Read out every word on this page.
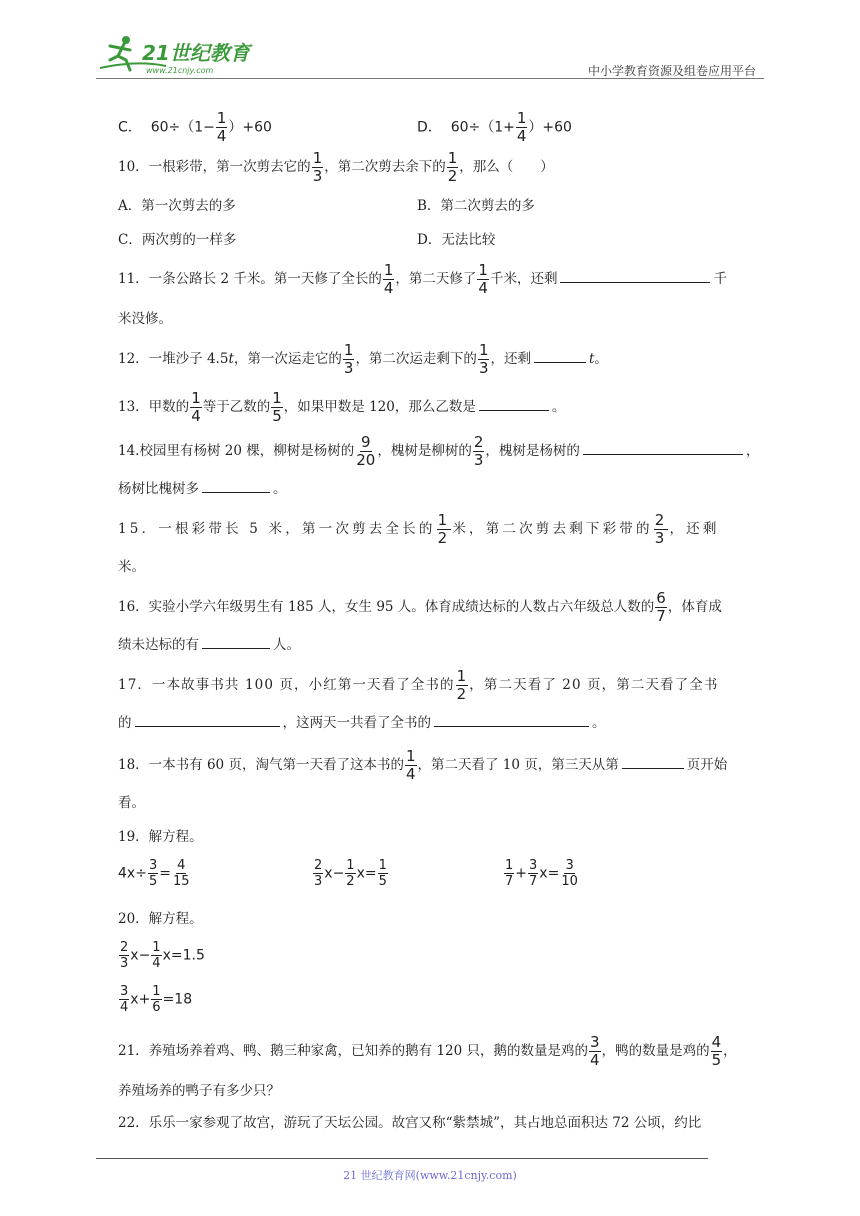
21世纪教育
www.21cnjy.com	中小学教育资源及组卷应用平台
C． $60\div(1- \frac{1}{4} )+60$	D． $60\div(1+ \frac{1}{4} )+60$
10．一根彩带，第一次剪去它的 $\frac{1}{3}$ ，第二次剪去余下的 $\frac{1}{2}$ ，那么（　　）
A．第一次剪去的多	B．第二次剪去的多
C．两次剪的一样多	D．无法比较
11．一条公路长 2 千米。第一天修了全长的 $\frac{1}{4}$ ，第二天修了 $\frac{1}{4}$ 千米，还剩	千
米没修。
12．一堆沙子 4.5t，第一次运走它的 $\frac{1}{3}$ ，第二次运走剩下的 $\frac{1}{3}$ ，还剩	t。
13．甲数的 $\frac{1}{4}$ 等于乙数的 $\frac{1}{5}$ ，如果甲数是 120，那么乙数是	。
14.校园里有杨树 20 棵，柳树是杨树的 $\frac{9}{20}$ ，槐树是柳树的 $\frac{2}{3}$ ，槐树是杨树的	，
杨树比槐树多	。
15．一根彩带长 5 米，第一次剪去全长的 $\frac{1}{2}$ 米，第二次剪去剩下彩带的 $\frac{2}{3}$ ，还剩
米。
16．实验小学六年级男生有 185 人，女生 95 人。体育成绩达标的人数占六年级总人数的 $\frac{6}{7}$ ，体育成
绩未达标的有	人。
17．一本故事书共 100 页，小红第一天看了全书的 $\frac{1}{2}$ ，第二天看了 20 页，第二天看了全书
的	，这两天一共看了全书的	。
18．一本书有 60 页，淘气第一天看了这本书的 $\frac{1}{4}$ ，第二天看了 10 页，第三天从第	页开始
看。
19．解方程。
$4x\div \frac{3}{5} = \frac{4}{15}$	$\frac{2}{3} x- \frac{1}{2} x= \frac{1}{5}$	$\frac{1}{7} + \frac{3}{7} x= \frac{3}{10}$
20．解方程。
$\frac{2}{3} x- \frac{1}{4} x=1.5$
$\frac{3}{4} x+ \frac{1}{6} =18$
21．养殖场养着鸡、鸭、鹅三种家禽，已知养的鹅有 120 只，鹅的数量是鸡的 $\frac{3}{4}$ ，鸭的数量是鸡的 $\frac{4}{5}$ ，
养殖场养的鸭子有多少只？
22．乐乐一家参观了故宫，游玩了天坛公园。故宫又称“紫禁城”，其占地总面积达 72 公顷，约比
21 世纪教育网(www.21cnjy.com)
